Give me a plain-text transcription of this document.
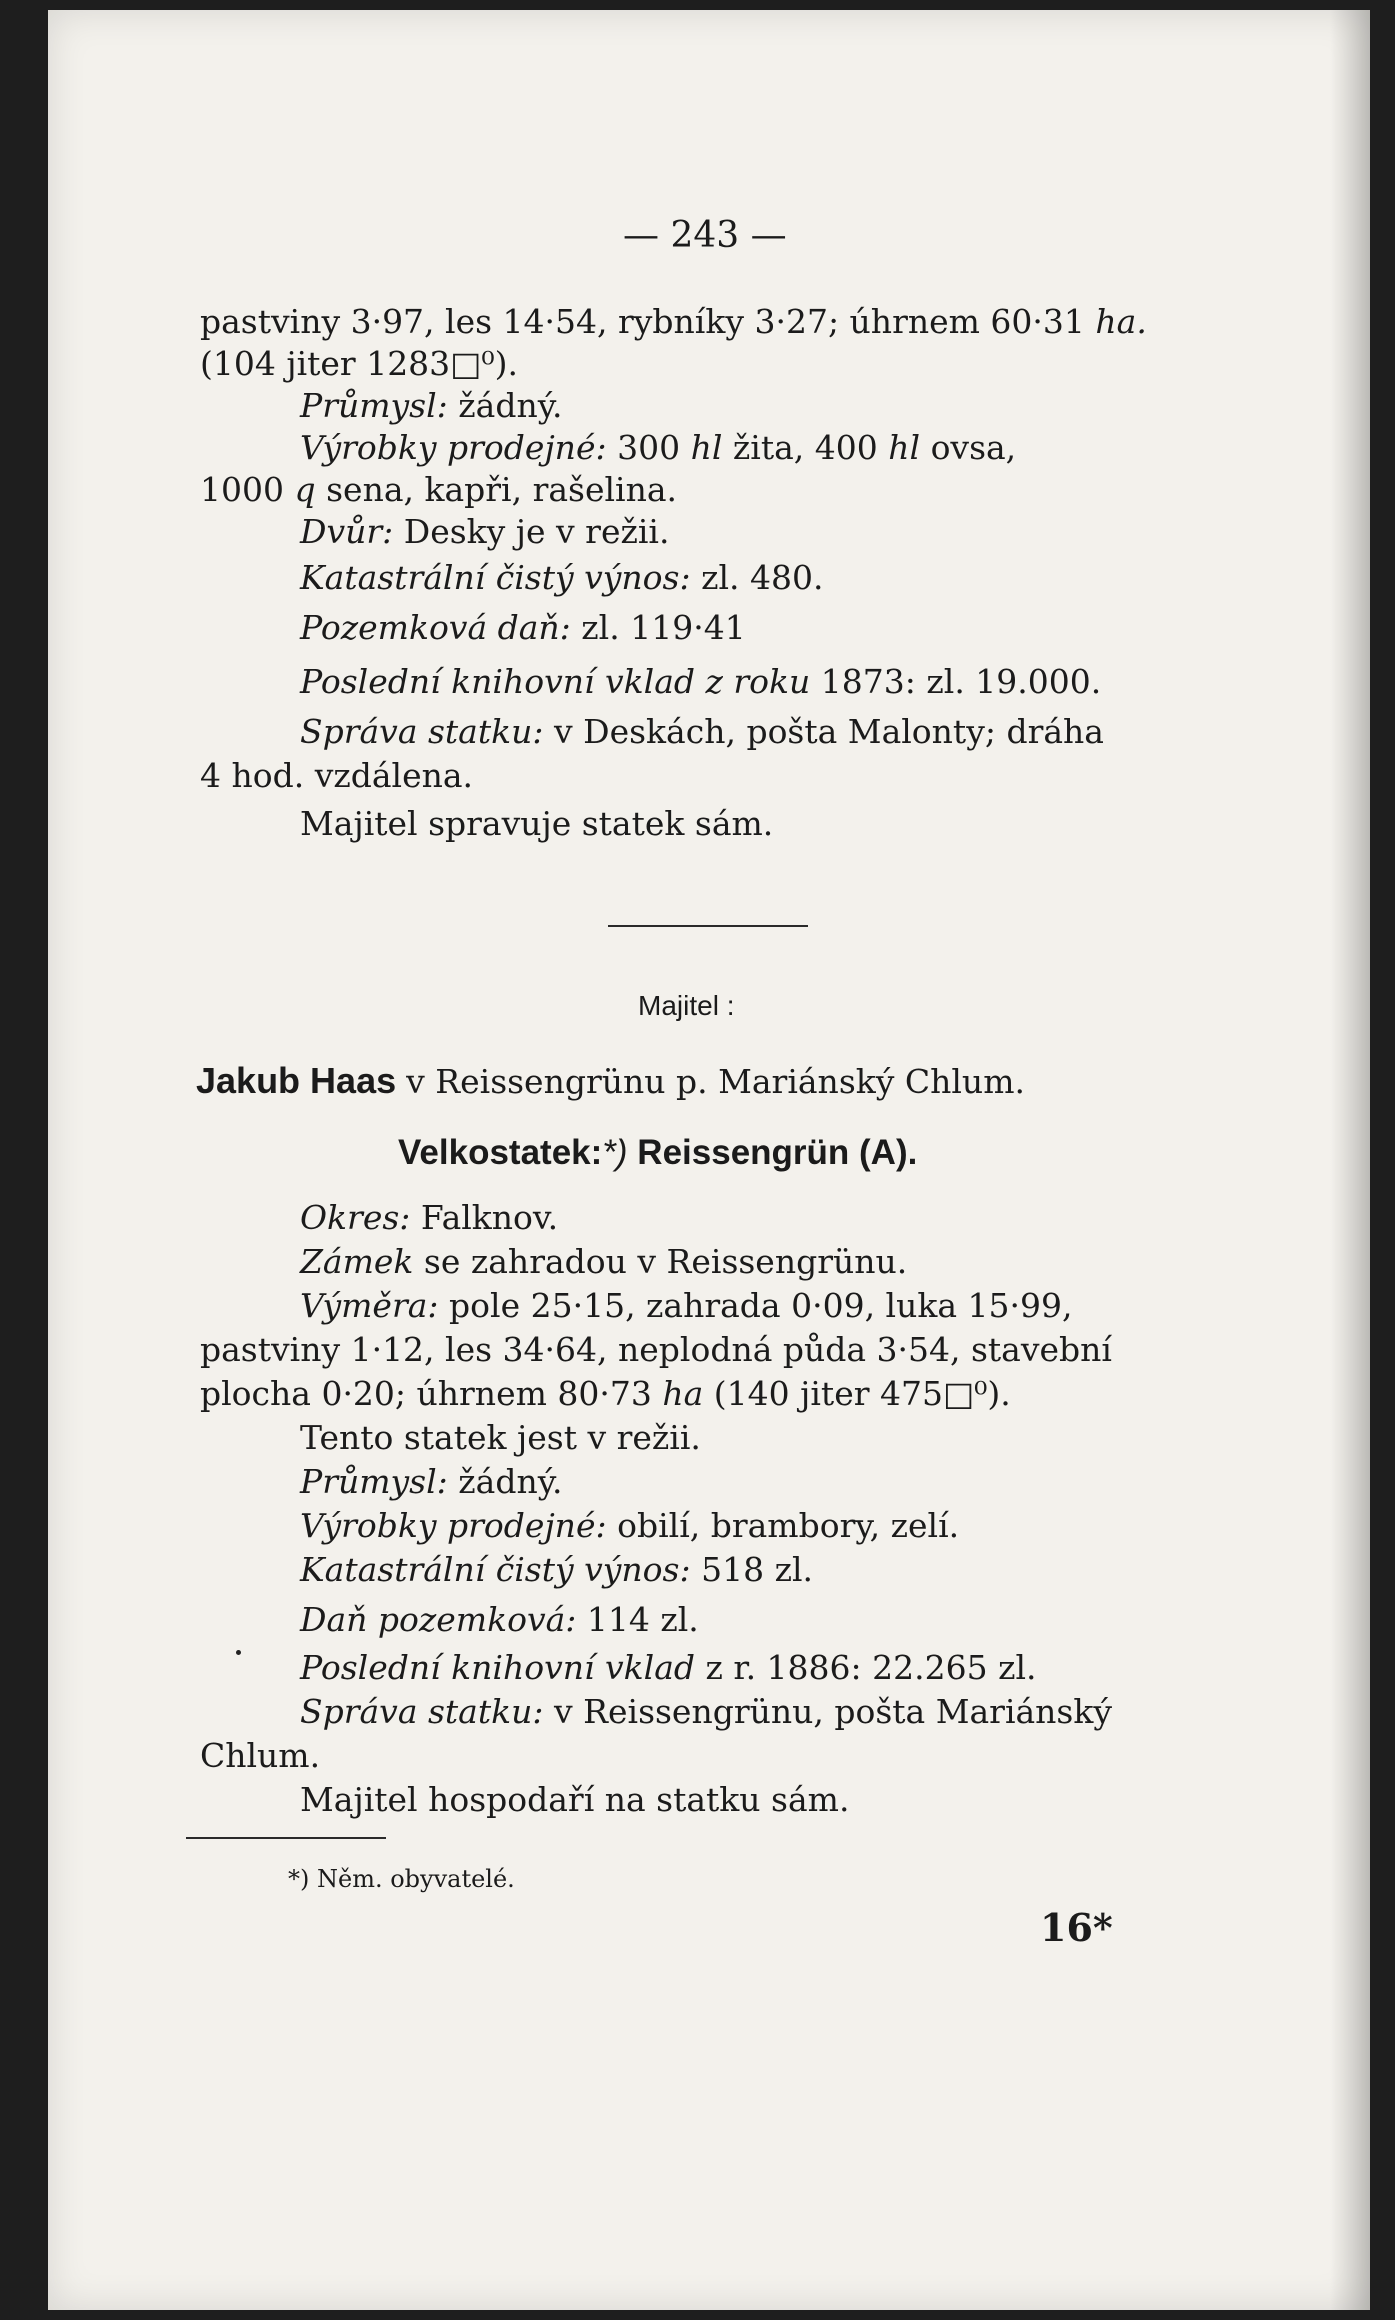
— 243 —
pastviny 3·97, les 14·54, rybníky 3·27; úhrnem 60·31 ha.
(104 jiter 1283□⁰).
Průmysl: žádný.
Výrobky prodejné: 300 hl žita, 400 hl ovsa,
1000 q sena, kapři, rašelina.
Dvůr: Desky je v režii.
Katastrální čistý výnos: zl. 480.
Pozemková daň: zl. 119·41
Poslední knihovní vklad z roku 1873: zl. 19.000.
Správa statku: v Deskách, pošta Malonty; dráha
4 hod. vzdálena.
Majitel spravuje statek sám.
Majitel :
Jakub Haas v Reissengrünu p. Mariánský Chlum.
Velkostatek:*) Reissengrün (A).
Okres: Falknov.
Zámek se zahradou v Reissengrünu.
Výměra: pole 25·15, zahrada 0·09, luka 15·99,
pastviny 1·12, les 34·64, neplodná půda 3·54, stavební
plocha 0·20; úhrnem 80·73 ha (140 jiter 475□⁰).
Tento statek jest v režii.
Průmysl: žádný.
Výrobky prodejné: obilí, brambory, zelí.
Katastrální čistý výnos: 518 zl.
Daň pozemková: 114 zl.
Poslední knihovní vklad z r. 1886: 22.265 zl.
Správa statku: v Reissengrünu, pošta Mariánský
Chlum.
Majitel hospodaří na statku sám.
*) Něm. obyvatelé.
16*
